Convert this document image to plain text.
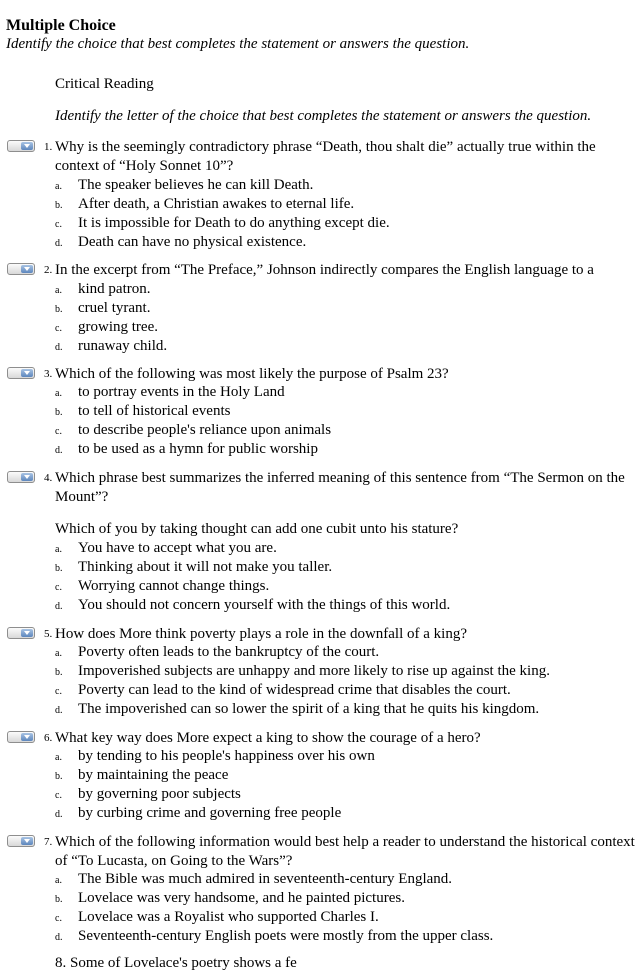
Multiple Choice
Identify the choice that best completes the statement or answers the question.
Critical Reading
Identify the letter of the choice that best completes the statement or answers the question.
1. Why is the seemingly contradictory phrase “Death, thou shalt die” actually true within the context of “Holy Sonnet 10”?
a. The speaker believes he can kill Death.
b. After death, a Christian awakes to eternal life.
c. It is impossible for Death to do anything except die.
d. Death can have no physical existence.
2. In the excerpt from “The Preface,” Johnson indirectly compares the English language to a
a. kind patron.
b. cruel tyrant.
c. growing tree.
d. runaway child.
3. Which of the following was most likely the purpose of Psalm 23?
a. to portray events in the Holy Land
b. to tell of historical events
c. to describe people's reliance upon animals
d. to be used as a hymn for public worship
4. Which phrase best summarizes the inferred meaning of this sentence from “The Sermon on the Mount”?
Which of you by taking thought can add one cubit unto his stature?
a. You have to accept what you are.
b. Thinking about it will not make you taller.
c. Worrying cannot change things.
d. You should not concern yourself with the things of this world.
5. How does More think poverty plays a role in the downfall of a king?
a. Poverty often leads to the bankruptcy of the court.
b. Impoverished subjects are unhappy and more likely to rise up against the king.
c. Poverty can lead to the kind of widespread crime that disables the court.
d. The impoverished can so lower the spirit of a king that he quits his kingdom.
6. What key way does More expect a king to show the courage of a hero?
a. by tending to his people's happiness over his own
b. by maintaining the peace
c. by governing poor subjects
d. by curbing crime and governing free people
7. Which of the following information would best help a reader to understand the historical context of “To Lucasta, on Going to the Wars”?
a. The Bible was much admired in seventeenth-century England.
b. Lovelace was very handsome, and he painted pictures.
c. Lovelace was a Royalist who supported Charles I.
d. Seventeenth-century English poets were mostly from the upper class.
8. Some of Lovelace's poetry shows a fe
